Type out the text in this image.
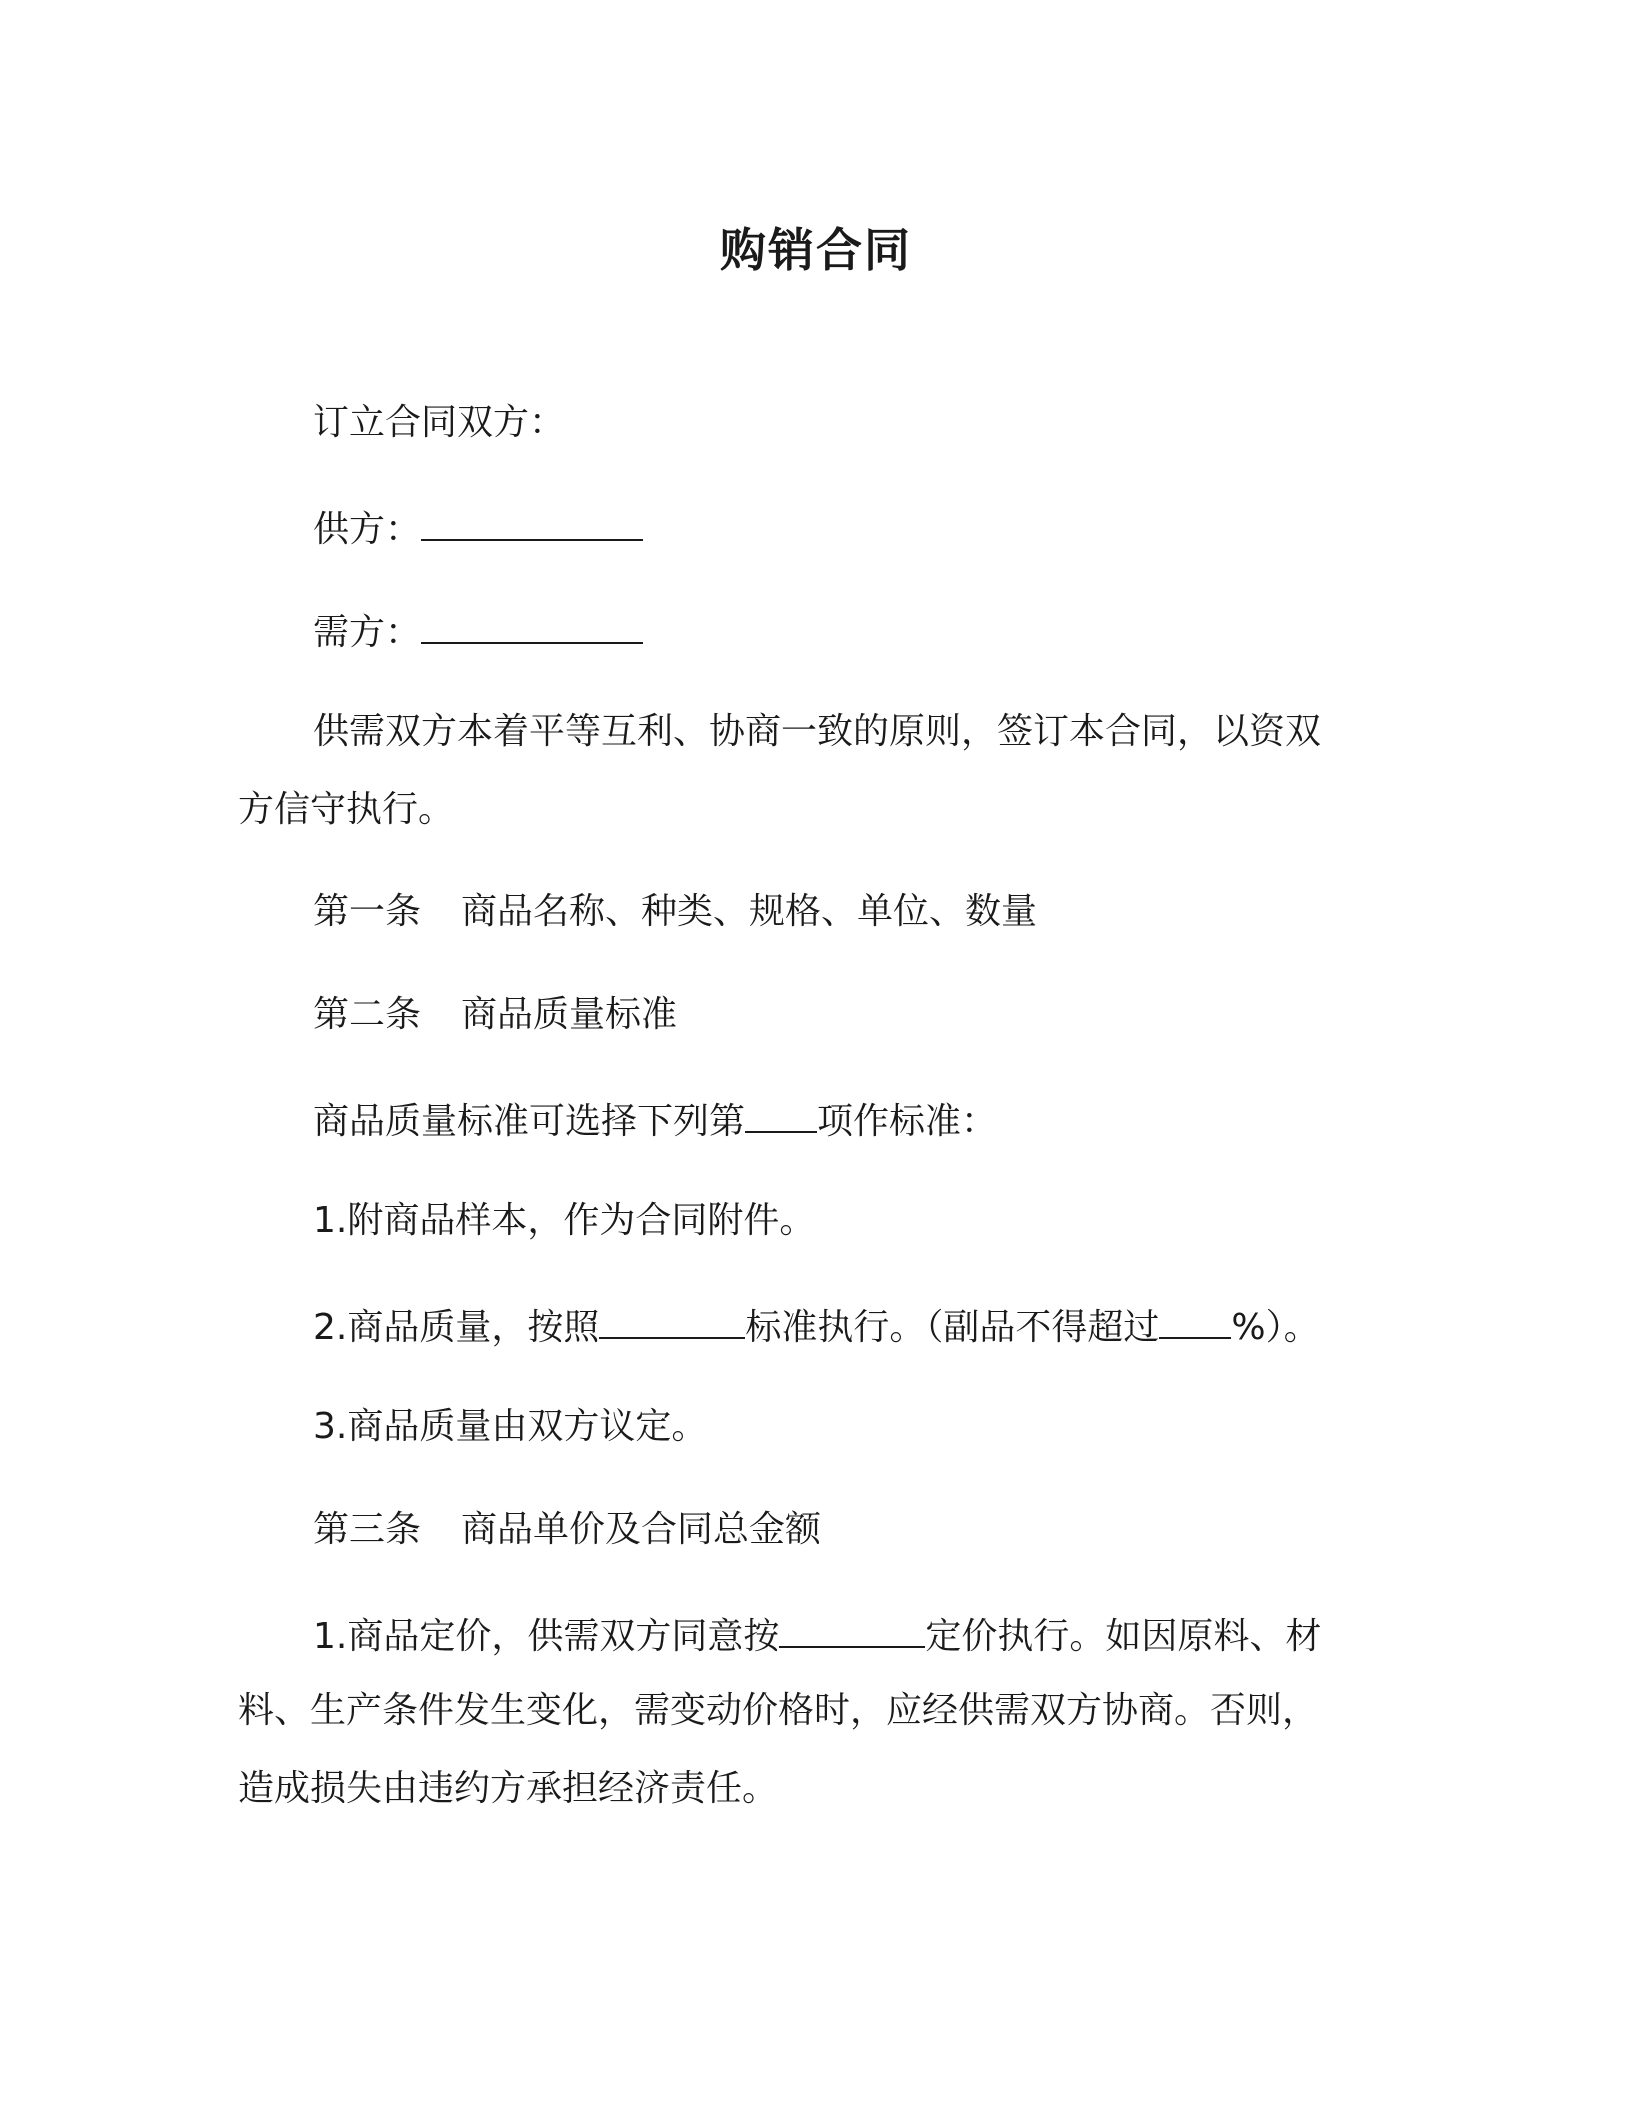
购销合同
订立合同双方：
供方：
需方：
供需双方本着平等互利、协商一致的原则，签订本合同，以资双
方信守执行。
第一条 商品名称、种类、规格、单位、数量
第二条 商品质量标准
商品质量标准可选择下列第 项作标准：
1.附商品样本，作为合同附件。
2.商品质量，按照	标准执行。（副品不得超过 %）。
3.商品质量由双方议定。
第三条 商品单价及合同总金额
1.商品定价，供需双方同意按	定价执行。如因原料、材
料、生产条件发生变化，需变动价格时，应经供需双方协商。否则，
造成损失由违约方承担经济责任。
